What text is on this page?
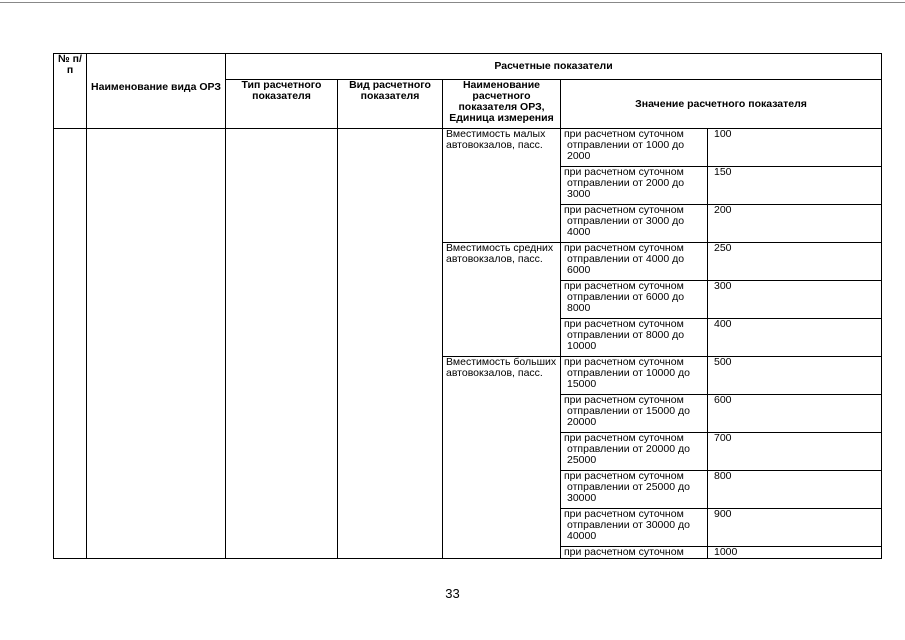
№ п/п	Наименование вида ОРЗ	Расчетные показатели				
		Тип расчетного показателя	Вид расчетного показателя	Наименование расчетного показателя ОРЗ, Единица измерения	Значение расчетного показателя	
				Вместимость малых автовокзалов, пасс.	при расчетном суточном отправлении от 1000 до 2000	100

					при расчетном суточном отправлении от 2000 до 3000	150

					при расчетном суточном отправлении от 3000 до 4000	200
				Вместимость средних автовокзалов, пасс.	при расчетном суточном отправлении от 4000 до 6000	250

					при расчетном суточном отправлении от 6000 до 8000	300

					при расчетном суточном отправлении от 8000 до 10000	400
				Вместимость больших автовокзалов, пасс.	при расчетном суточном отправлении от 10000 до 15000	500

					при расчетном суточном отправлении от 15000 до 20000	600

					при расчетном суточном отправлении от 20000 до 25000	700

					при расчетном суточном отправлении от 25000 до 30000	800

					при расчетном суточном отправлении от 30000 до 40000	900

					при расчетном суточном	1000
33
